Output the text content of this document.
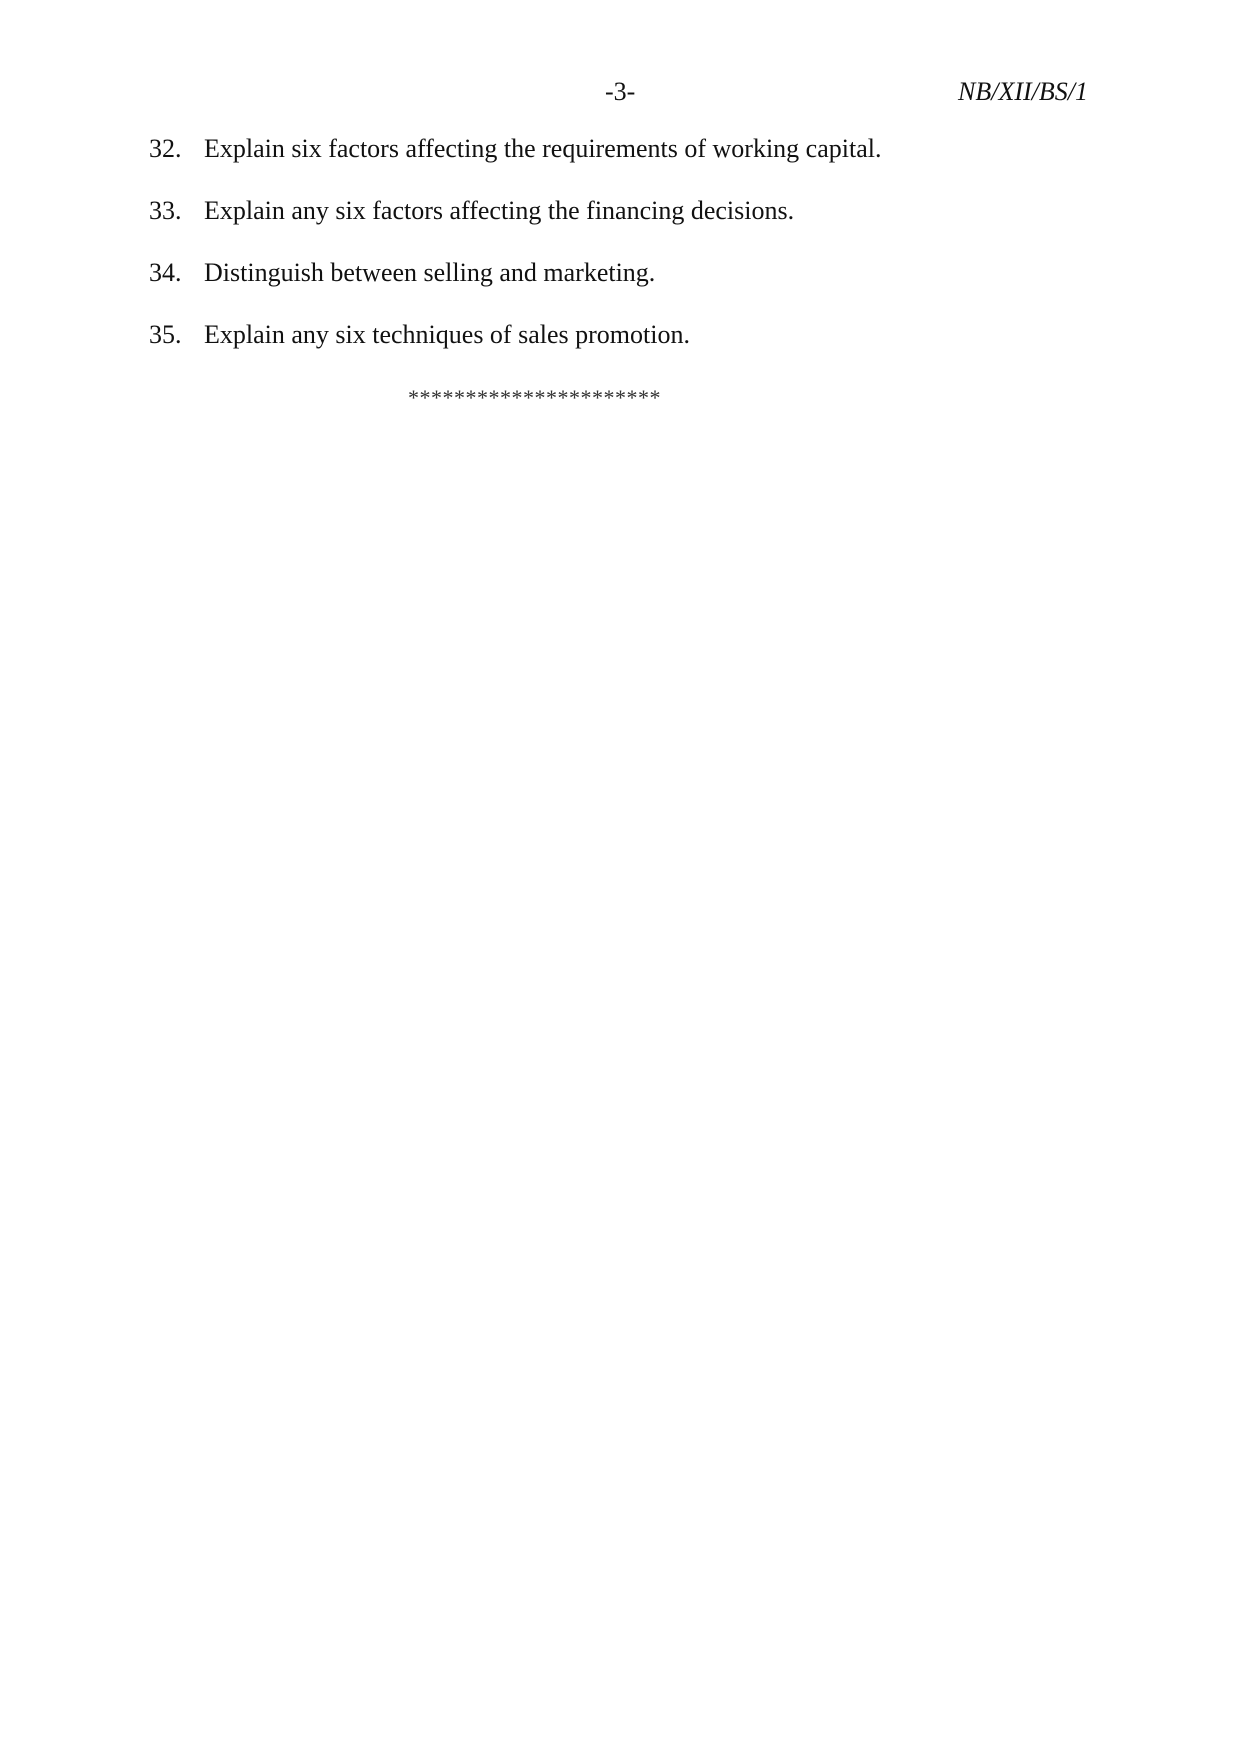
-3-	NB/XII/BS/1
32. Explain six factors affecting the requirements of working capital.
33. Explain any six factors affecting the financing decisions.
34. Distinguish between selling and marketing.
35. Explain any six techniques of sales promotion.
**********************
